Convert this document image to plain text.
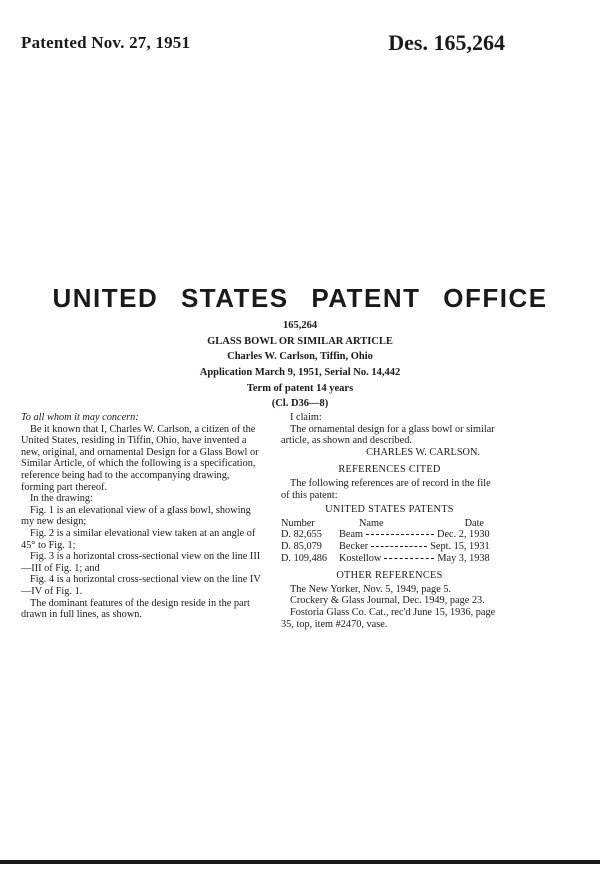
Patented Nov. 27, 1951	Des. 165,264
UNITED STATES PATENT OFFICE
165,264
GLASS BOWL OR SIMILAR ARTICLE
Charles W. Carlson, Tiffin, Ohio
Application March 9, 1951, Serial No. 14,442
Term of patent 14 years
(Cl. D36—8)

To all whom it may concern:

Be it known that I, Charles W. Carlson, a citizen of the United States, residing in Tiffin, Ohio, have invented a new, original, and ornamental Design for a Glass Bowl or Similar Article, of which the following is a specification, reference being had to the accompanying drawing, forming part thereof.

In the drawing:

Fig. 1 is an elevational view of a glass bowl, showing my new design;

Fig. 2 is a similar elevational view taken at an angle of 45° to Fig. 1;

Fig. 3 is a horizontal cross-sectional view on the line III—III of Fig. 1; and

Fig. 4 is a horizontal cross-sectional view on the line IV—IV of Fig. 1.

The dominant features of the design reside in the part drawn in full lines, as shown.

I claim:

The ornamental design for a glass bowl or similar article, as shown and described.

CHARLES W. CARLSON.

REFERENCES CITED

The following references are of record in the file of this patent:

UNITED STATES PATENTS

Number	Name	Date
D. 82,655	Beam Dec. 2, 1930	
D. 85,079	Becker Sept. 15, 1931	
D. 109,486	Kostellow May 3, 1938	

OTHER REFERENCES

The New Yorker, Nov. 5, 1949, page 5.

Crockery & Glass Journal, Dec. 1949, page 23.

Fostoria Glass Co. Cat., rec'd June 15, 1936, page 35, top, item #2470, vase.
